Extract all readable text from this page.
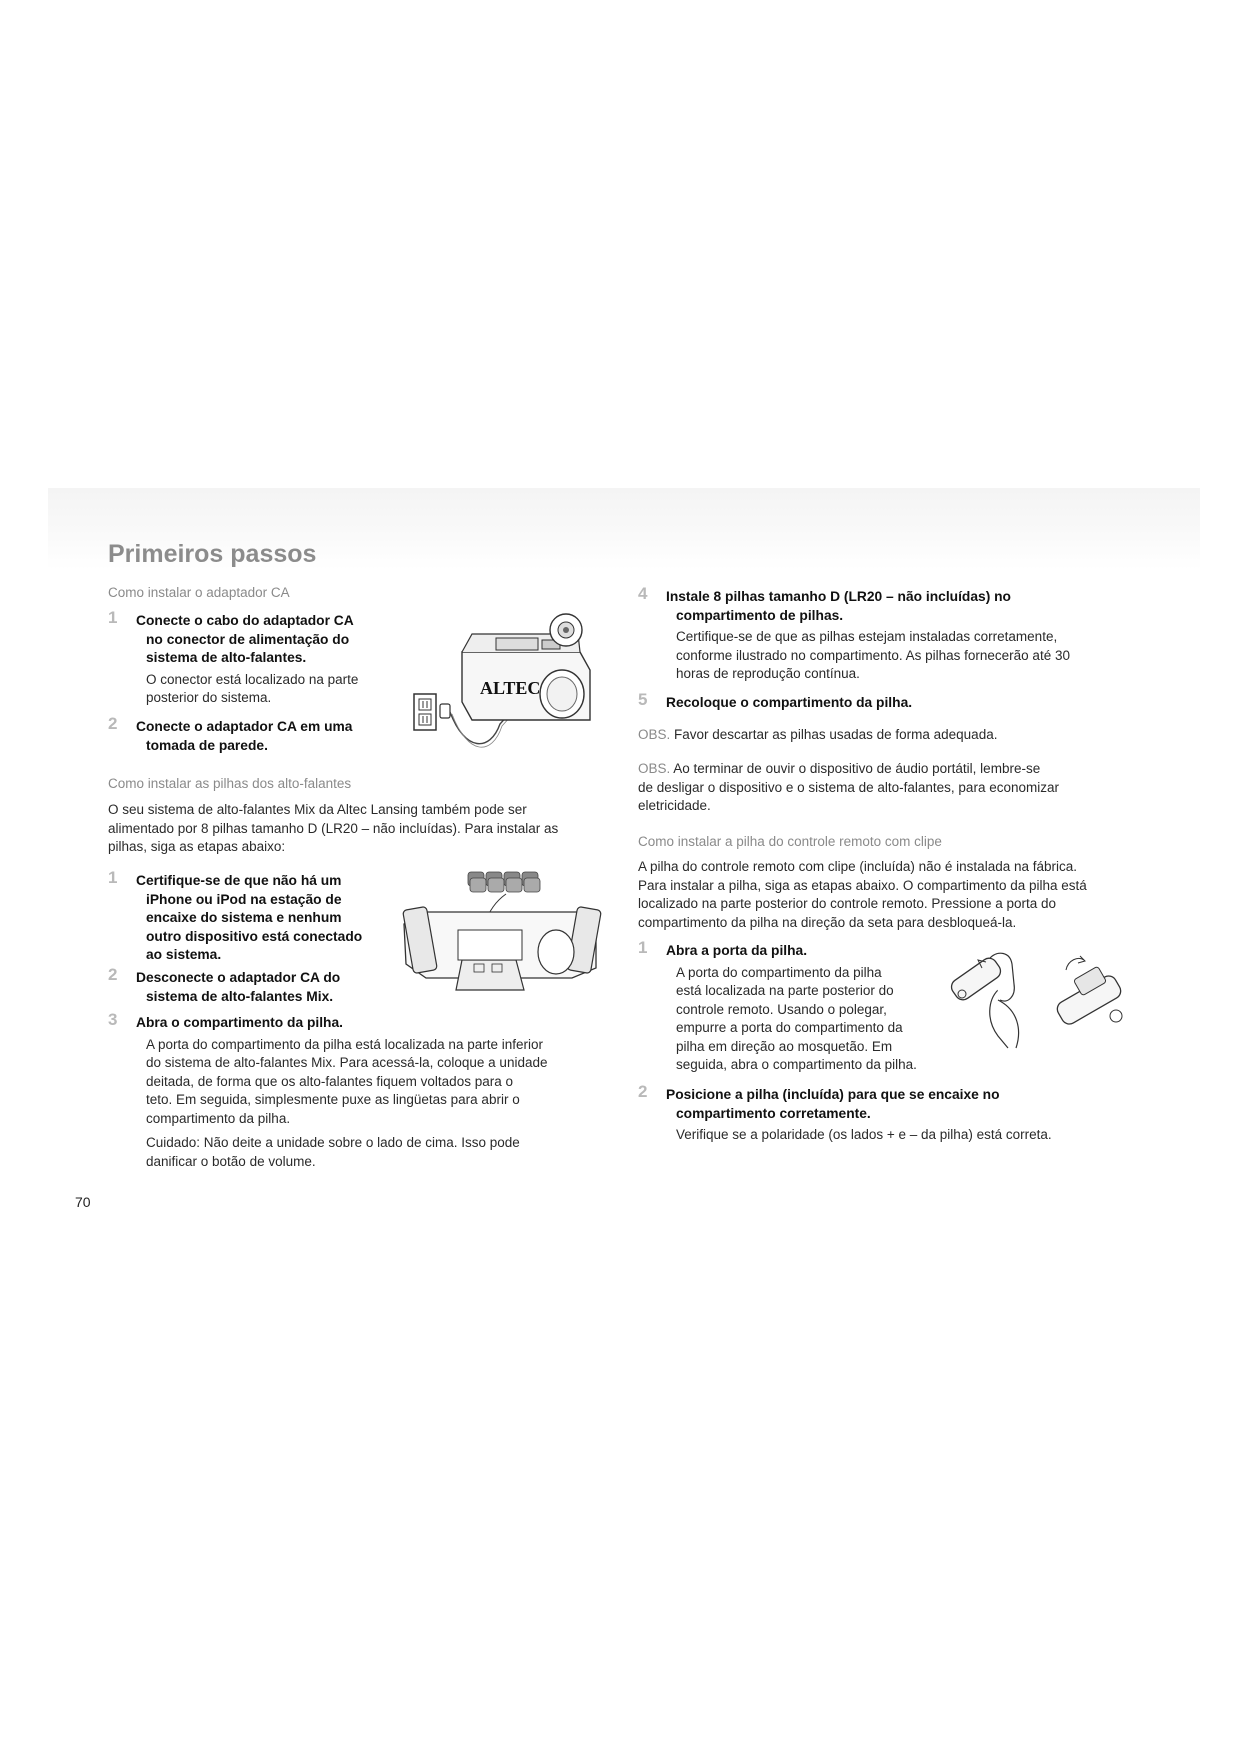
Primeiros passos
Como instalar o adaptador CA
1 Conecte o cabo do adaptador CA
no conector de alimentação do
sistema de alto-falantes.
O conector está localizado na parte
posterior do sistema.
2 Conecte o adaptador CA em uma
tomada de parede.
ALTEC
Como instalar as pilhas dos alto-falantes
O seu sistema de alto-falantes Mix da Altec Lansing também pode ser
alimentado por 8 pilhas tamanho D (LR20 – não incluídas). Para instalar as
pilhas, siga as etapas abaixo:
1 Certifique-se de que não há um
iPhone ou iPod na estação de
encaixe do sistema e nenhum
outro dispositivo está conectado
ao sistema.
2 Desconecte o adaptador CA do
sistema de alto-falantes Mix.
3 Abra o compartimento da pilha.
A porta do compartimento da pilha está localizada na parte inferior
do sistema de alto-falantes Mix. Para acessá-la, coloque a unidade
deitada, de forma que os alto-falantes fiquem voltados para o
teto. Em seguida, simplesmente puxe as lingüetas para abrir o
compartimento da pilha.
Cuidado: Não deite a unidade sobre o lado de cima. Isso pode
danificar o botão de volume.
4 Instale 8 pilhas tamanho D (LR20 – não incluídas) no
compartimento de pilhas.
Certifique-se de que as pilhas estejam instaladas corretamente,
conforme ilustrado no compartimento. As pilhas fornecerão até 30
horas de reprodução contínua.
5 Recoloque o compartimento da pilha.
OBS. Favor descartar as pilhas usadas de forma adequada.
OBS. Ao terminar de ouvir o dispositivo de áudio portátil, lembre-se
de desligar o dispositivo e o sistema de alto-falantes, para economizar
eletricidade.
Como instalar a pilha do controle remoto com clipe
A pilha do controle remoto com clipe (incluída) não é instalada na fábrica.
Para instalar a pilha, siga as etapas abaixo. O compartimento da pilha está
localizado na parte posterior do controle remoto. Pressione a porta do
compartimento da pilha na direção da seta para desbloqueá-la.
1 Abra a porta da pilha.
A porta do compartimento da pilha
está localizada na parte posterior do
controle remoto. Usando o polegar,
empurre a porta do compartimento da
pilha em direção ao mosquetão. Em
seguida, abra o compartimento da pilha.
2 Posicione a pilha (incluída) para que se encaixe no
compartimento corretamente.
Verifique se a polaridade (os lados + e – da pilha) está correta.
70
